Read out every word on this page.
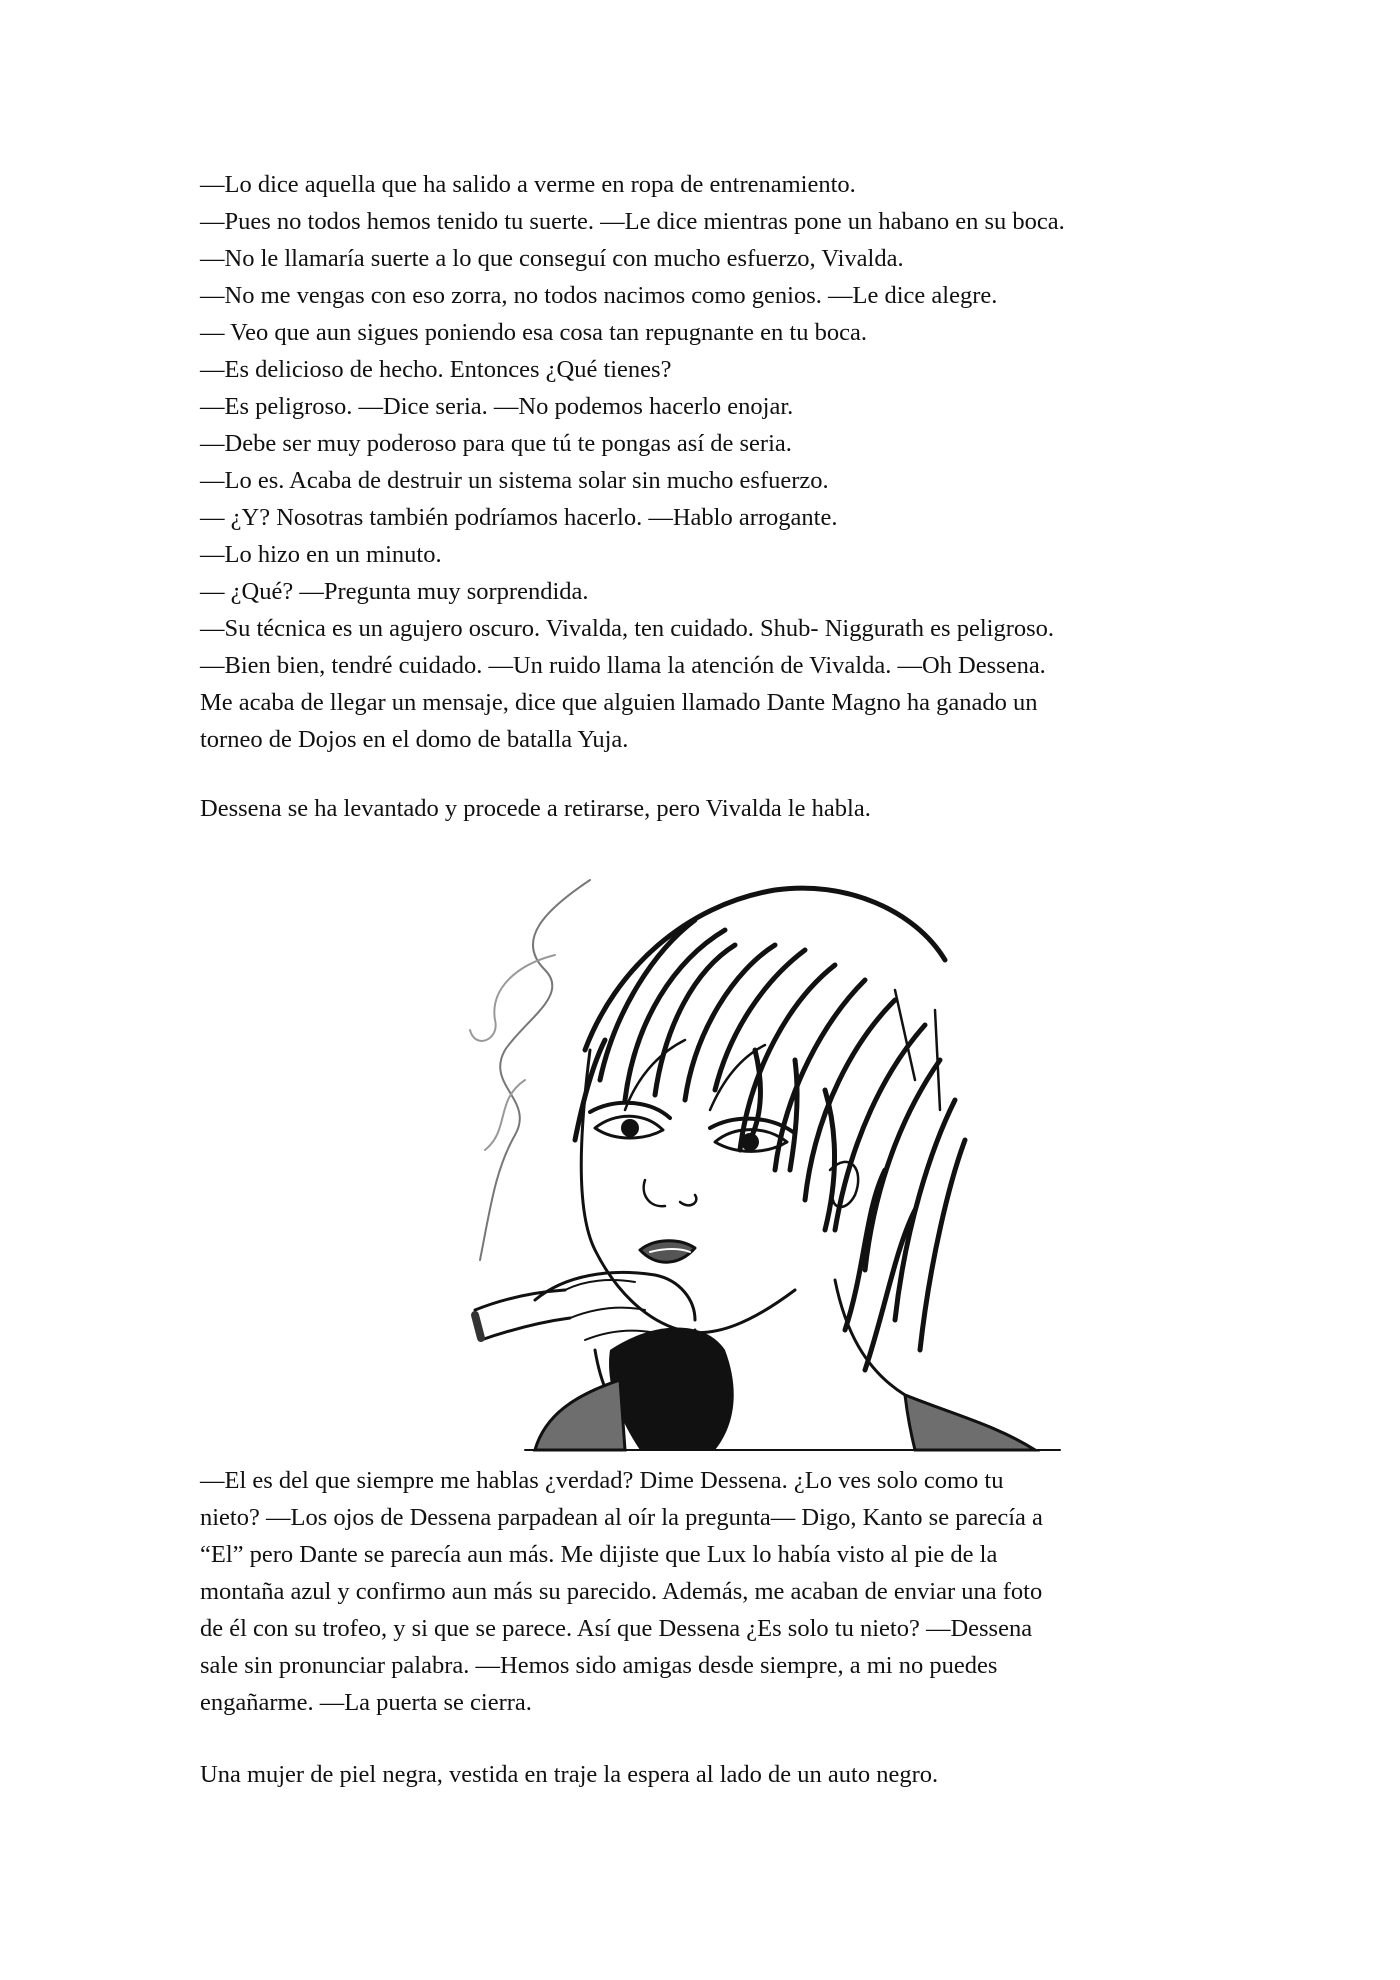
—Lo dice aquella que ha salido a verme en ropa de entrenamiento.

—Pues no todos hemos tenido tu suerte. —Le dice mientras pone un habano en su boca.

—No le llamaría suerte a lo que conseguí con mucho esfuerzo, Vivalda.

—No me vengas con eso zorra, no todos nacimos como genios. —Le dice alegre.

— Veo que aun sigues poniendo esa cosa tan repugnante en tu boca.

—Es delicioso de hecho. Entonces ¿Qué tienes?

—Es peligroso. —Dice seria. —No podemos hacerlo enojar.

—Debe ser muy poderoso para que tú te pongas así de seria.

—Lo es. Acaba de destruir un sistema solar sin mucho esfuerzo.

— ¿Y? Nosotras también podríamos hacerlo. —Hablo arrogante.

—Lo hizo en un minuto.

— ¿Qué? —Pregunta muy sorprendida.

—Su técnica es un agujero oscuro. Vivalda, ten cuidado. Shub- Niggurath es peligroso.

—Bien bien, tendré cuidado. —Un ruido llama la atención de Vivalda. —Oh Dessena.

Me acaba de llegar un mensaje, dice que alguien llamado Dante Magno ha ganado un

torneo de Dojos en el domo de batalla Yuja.

Dessena se ha levantado y procede a retirarse, pero Vivalda le habla.

—El es del que siempre me hablas ¿verdad? Dime Dessena. ¿Lo ves solo como tu

nieto? —Los ojos de Dessena parpadean al oír la pregunta— Digo, Kanto se parecía a

“El” pero Dante se parecía aun más. Me dijiste que Lux lo había visto al pie de la

montaña azul y confirmo aun más su parecido. Además, me acaban de enviar una foto

de él con su trofeo, y si que se parece. Así que Dessena ¿Es solo tu nieto? —Dessena

sale sin pronunciar palabra. —Hemos sido amigas desde siempre, a mi no puedes

engañarme. —La puerta se cierra.

Una mujer de piel negra, vestida en traje la espera al lado de un auto negro.
